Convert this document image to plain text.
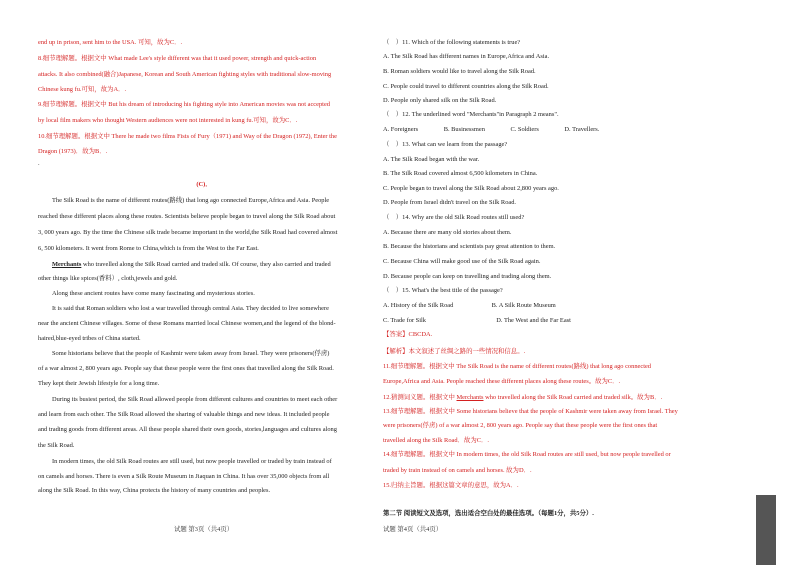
end up in prison, sent him to the USA. 可知，故为C．.
8.细节理解题。根据文中 What made Lee's style different was that it used power, strength and quick-action
attacks. It also combined(融合)Japanese, Korean and South American fighting styles with traditional slow-moving
Chinese kung fu.可知，故为A．.
9.细节理解题。根据文中 But his dream of introducing his fighting style into American movies was not accepted
by local film makers who thought Western audiences were not interested in kung fu.可知，故为C．.
10.细节理解题。根据文中 There he made two films Fists of Fury（1971) and Way of the Dragon (1972), Enter the
Dragon (1973)．故为B．.
.
(C)．
The Silk Road is the name of different routes(路线) that long ago connected Europe,Africa and Asia. People
reached these different places along these routes. Scientists believe people began to travel along the Silk Road about
3, 000 years ago. By the time the Chinese silk trade became important in the world,the Silk Road had covered almost
6, 500 kilometers. It went from Rome to China,which is from the West to the Far East.
Merchants who travelled along the Silk Road carried and traded silk. Of course, they also carried and traded
other things like spices(香料）, cloth,jewels and gold.
Along these ancient routes have come many fascinating and mysterious stories.
It is said that Roman soldiers who lost a war travelled through central Asia. They decided to live somewhere
near the ancient Chinese villages. Some of these Romans married local Chinese women,and the legend of the blond-
haired,blue-eyed tribes of China started.
Some historians believe that the people of Kashmir were taken away from Israel. They were prisoners(俘虏)
of a war almost 2, 800 years ago. People say that these people were the first ones that travelled along the Silk Road.
They kept their Jewish lifestyle for a long time.
During its busiest period, the Silk Road allowed people from different cultures and countries to meet each other
and learn from each other. The Silk Road allowed the sharing of valuable things and new ideas. It included people
and trading goods from different areas. All these people shared their own goods, stories,languages and cultures along
the Silk Road.
In modern times, the old Silk Road routes are still used, but now people travelled or traded by train instead of
on camels and horses. There is even a Silk Route Museum in Jiaquan in China. It has over 35,000 objects from all
along the Silk Road. In this way, China protects the history of many countries and peoples.
（　）11. Which of the following statements is true?
A. The Silk Road has different names in Europe,Africa and Asia.
B. Roman soldiers would like to travel along the Silk Road.
C. People could travel to different countries along the Silk Road.
D. People only shared silk on the Silk Road.
（　）12. The underlined word "Merchants"in Paragraph 2 means".
A. Foreigners　　　　B. Businessmen　　　　C. Soldiers　　　　D. Travellers.
（　）13. What can we learn from the passage?
A. The Silk Road began with the war.
B. The Silk Road covered almost 6,500 kilometers in China.
C. People began to travel along the Silk Road about 2,800 years ago.
D. People from Israel didn't travel on the Silk Road.
（　）14. Why are the old Silk Road routes still used?
A. Because there are many old stories about them.
B. Because the historians and scientists pay great attention to them.
C. Because China will make good use of the Silk Road again.
D. Because people can keep on travelling and trading along them.
（　）15. What's the best title of the passage?
A. History of the Silk Road　　　　　　B. A Silk Route Museum
C. Trade for Silk　　　　　　　　　　　D. The West and the Far East
【答案】CBCDA.
【解析】本文叙述了丝绸之路的一些情况和信息。.
11.细节理解题。根据文中 The Silk Road is the name of different routes(路线) that long ago connected
Europe,Africa and Asia. People reached these different places along these routes。故为C．.
12.猜测词义题。根据文中 Merchants who travelled along the Silk Road carried and traded silk。故为B．.
13.细节理解题。根据文中 Some historians believe that the people of Kashmir were taken away from Israel. They
were prisoners(俘虏) of a war almost 2, 800 years ago. People say that these people were the first ones that
travelled along the Silk Road．故为C．.
14.细节理解题。根据文中 In modern times, the old Silk Road routes are still used, but now people travelled or
traded by train instead of on camels and horses. 故为D．.
15.归纳主旨题。根据这篇文章的意思，故为A．.
第二节 阅读短文及选项，选出适合空白处的最佳选项。（每题1分，共5分）.
试题 第3页（共4页）	试题 第4页（共4页）
